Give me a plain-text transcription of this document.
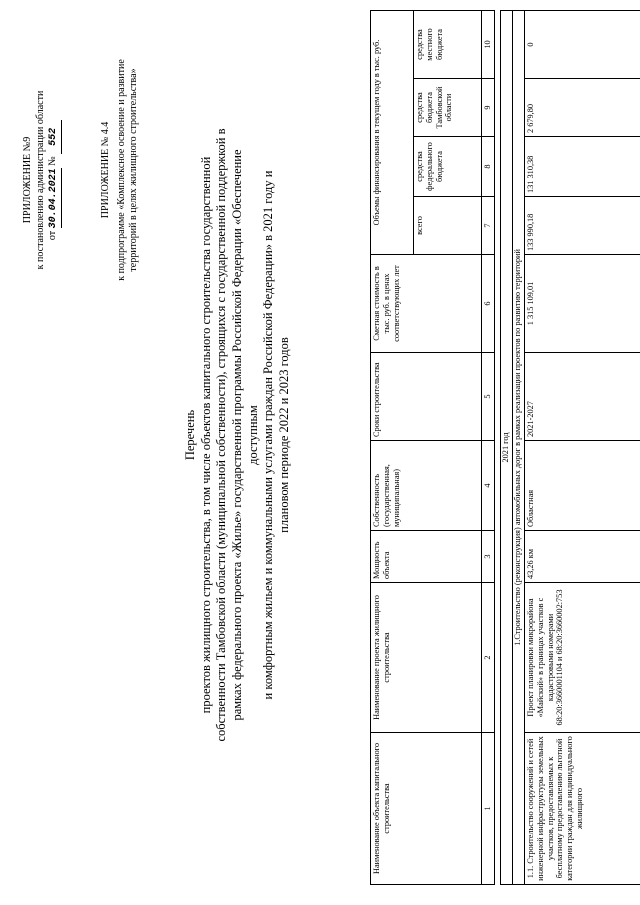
ПРИЛОЖЕНИЕ №9 к постановлению администрации области от 30.04.2021 № 552	ПРИЛОЖЕНИЕ № 4.4 к подпрограмме «Комплексное освоение и развитие территорий в целях жилищного строительства»
Перечень проектов жилищного строительства, в том числе объектов капитального строительства государственной собственности Тамбовской области (муниципальной собственности), строящихся с государственной поддержкой в рамках федерального проекта «Жилье» государственной программы Российской Федерации «Обеспечение доступным и комфортным жильем и коммунальными услугами граждан Российской Федерации» в 2021 году и плановом периоде 2022 и 2023 годов
Наименование объекта капитального строительства	Наименование проекта жилищного строительства	Мощность объекта	Собственность (государственная, муниципальная)	Сроки строительства	Сметная стоимость в тыс. руб. в ценах соответствующих лет	Объемы финансирования в текущем году в тыс. руб.			
						всего	средства федерального бюджета	средства бюджета Тамбовской области	средства местного бюджета
1	2	3	4	5	6	7	8	9	10

2021 год									
1.Строительство (реконструкция) автомобильных дорог в рамках реализации проектов по развитию территорий									
1.1. Строительство сооружений и сетей инженерной инфраструктуры земельных участков, предоставляемых к бесплатному предоставлению льготной категории граждан для индивидуального жилищного	Проект планировки микрорайона «Майский» в границах участков с кадастровыми номерами 68:20:3660001104 и 68:20:3660002:753	43,26 км	Областная	2021-2027	1 315 109,01	133 990,18	131 310,38	2 679,80	0
